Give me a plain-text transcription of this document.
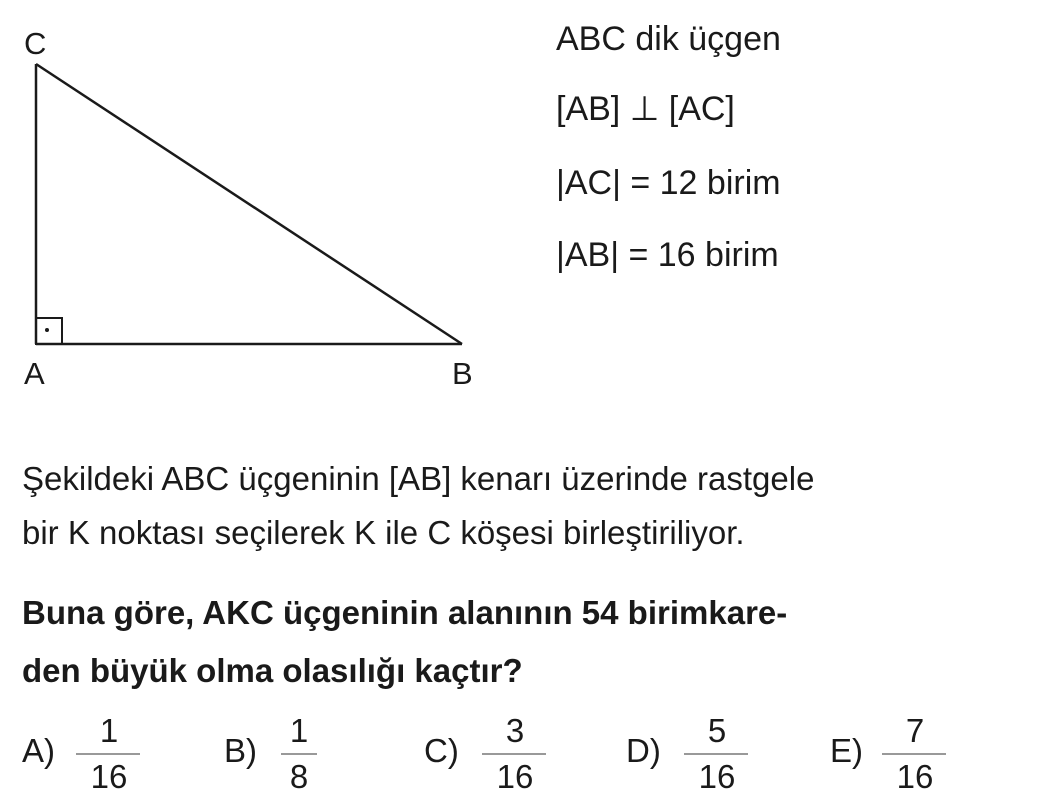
C
A	B
ABC dik üçgen
[AB] ⊥ [AC]
|AC| = 12 birim
|AB| = 16 birim
Şekildeki ABC üçgeninin [AB] kenarı üzerinde rastgele
bir K noktası seçilerek K ile C köşesi birleştiriliyor.
Buna göre, AKC üçgeninin alanının 54 birimkare-
den büyük olma olasılığı kaçtır?
A)
1
16
B)
1
8
C)
3
16
D)
5
16
E)
7
16
